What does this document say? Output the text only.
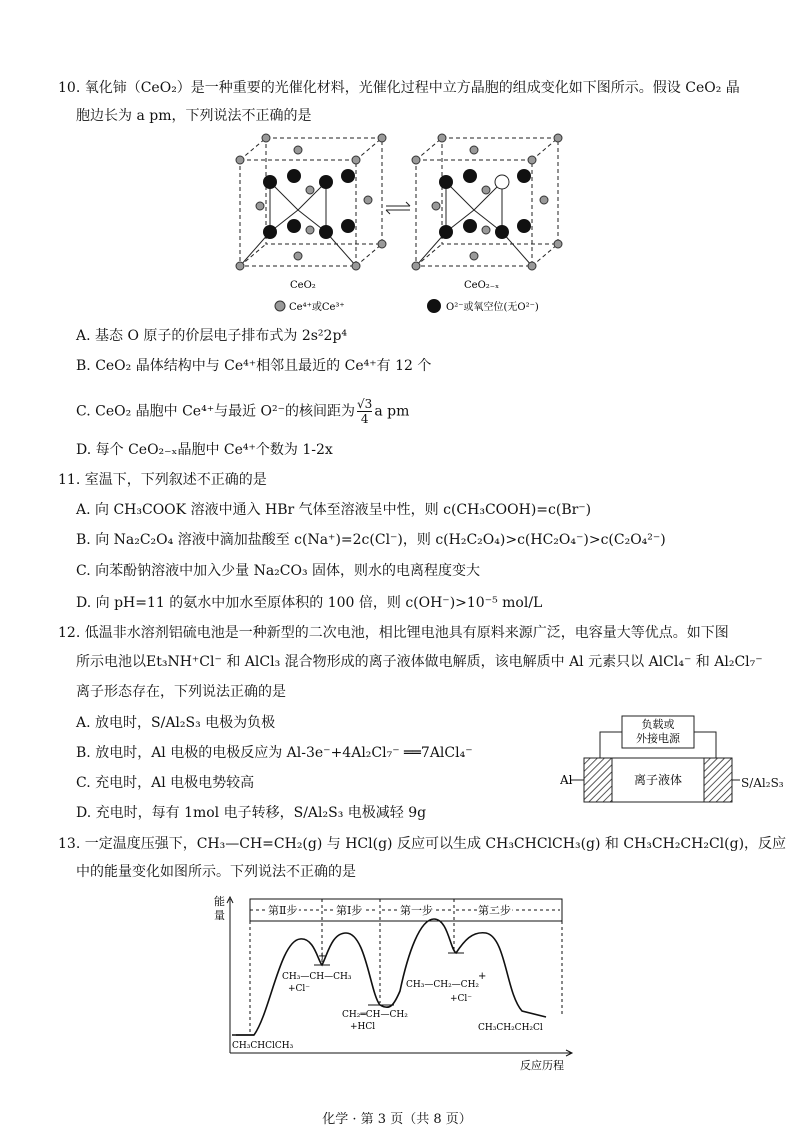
10. 氧化铈（CeO₂）是一种重要的光催化材料，光催化过程中立方晶胞的组成变化如下图所示。假设 CeO₂ 晶
胞边长为 a pm，下列说法不正确的是
CeO₂	CeO₂₋ₓ
Ce⁴⁺或Ce³⁺	O²⁻或氧空位(无O²⁻)
A. 基态 O 原子的价层电子排布式为 2s²2p⁴
B. CeO₂ 晶体结构中与 Ce⁴⁺相邻且最近的 Ce⁴⁺有 12 个
C. CeO₂ 晶胞中 Ce⁴⁺与最近 O²⁻的核间距为 $\frac{√3}{4}$ a pm
D. 每个 CeO₂₋ₓ晶胞中 Ce⁴⁺个数为 1-2x
11. 室温下，下列叙述不正确的是
A. 向 CH₃COOK 溶液中通入 HBr 气体至溶液呈中性，则 c(CH₃COOH)=c(Br⁻)
B. 向 Na₂C₂O₄ 溶液中滴加盐酸至 c(Na⁺)=2c(Cl⁻)，则 c(H₂C₂O₄)>c(HC₂O₄⁻)>c(C₂O₄²⁻)
C. 向苯酚钠溶液中加入少量 Na₂CO₃ 固体，则水的电离程度变大
D. 向 pH=11 的氨水中加水至原体积的 100 倍，则 c(OH⁻)>10⁻⁵ mol/L
12. 低温非水溶剂铝硫电池是一种新型的二次电池，相比锂电池具有原料来源广泛，电容量大等优点。如下图
所示电池以Et₃NH⁺Cl⁻ 和 AlCl₃ 混合物形成的离子液体做电解质，该电解质中 Al 元素只以 AlCl₄⁻ 和 Al₂Cl₇⁻
离子形态存在，下列说法正确的是
A. 放电时，S/Al₂S₃ 电极为负极
B. 放电时，Al 电极的电极反应为 Al-3e⁻+4Al₂Cl₇⁻ ══7AlCl₄⁻
C. 充电时，Al 电极电势较高
D. 充电时，每有 1mol 电子转移，S/Al₂S₃ 电极减轻 9g
负载或
外接电源
离子液体
Al	S/Al₂S₃
13. 一定温度压强下，CH₃—CH=CH₂(g) 与 HCl(g) 反应可以生成 CH₃CHClCH₃(g) 和 CH₃CH₂CH₂Cl(g)，反应
中的能量变化如图所示。下列说法不正确的是
能
量
反应历程
第Ⅱ步	第Ⅰ步	第一步	第二步
+
+
CH₃—CH—CH₃
+Cl⁻
CH₂═CH—CH₂
+HCl
CH₃—CH₂—CH₂
+Cl⁻
CH₃CHClCH₃
CH₃CH₂CH₂Cl
化学 · 第 3 页（共 8 页）
